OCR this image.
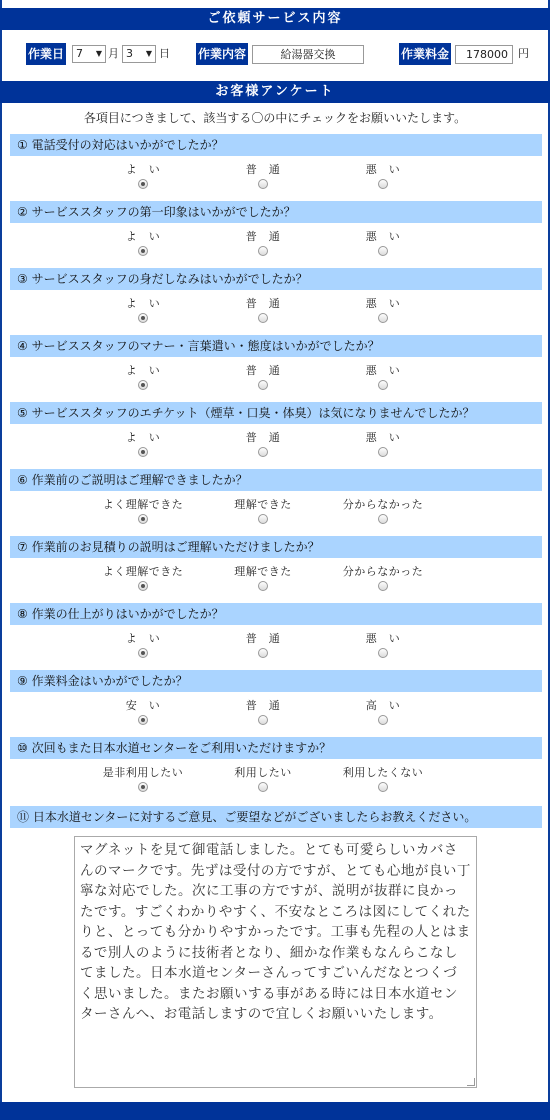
ご依頼サービス内容
作業日	7 ▼ 月 3 ▼ 日 作業内容	給湯器交換	作業料金	178000 円
お客様アンケート
各項目につきまして、該当する〇の中にチェックをお願いいたします。
① 電話受付の対応はいかがでしたか？
よ　い	普　通	悪　い
② サービススタッフの第一印象はいかがでしたか？
よ　い	普　通	悪　い
③ サービススタッフの身だしなみはいかがでしたか？
よ　い	普　通	悪　い
④ サービススタッフのマナー・言葉遣い・態度はいかがでしたか？
よ　い	普　通	悪　い
⑤ サービススタッフのエチケット（煙草・口臭・体臭）は気になりませんでしたか？
よ　い	普　通	悪　い
⑥ 作業前のご説明はご理解できましたか？
よく理解できた	理解できた	分からなかった
⑦ 作業前のお見積りの説明はご理解いただけましたか？
よく理解できた	理解できた	分からなかった
⑧ 作業の仕上がりはいかがでしたか？
よ　い	普　通	悪　い
⑨ 作業料金はいかがでしたか？
安　い	普　通	高　い
⑩ 次回もまた日本水道センターをご利用いただけますか？
是非利用したい	利用したい	利用したくない
⑪ 日本水道センターに対するご意見、ご要望などがございましたらお教えください。
マグネットを見て御電話しました。とても可愛らしいカバさんのマークです。先ずは受付の方ですが、とても心地が良い丁寧な対応でした。次に工事の方ですが、説明が抜群に良かったです。すごくわかりやすく、不安なところは図にしてくれたりと、とっても分かりやすかったです。工事も先程の人とはまるで別人のように技術者となり、細かな作業もなんらこなしてました。日本水道センターさんってすごいんだなとつくづく思いました。またお願いする事がある時には日本水道センターさんへ、お電話しますので宜しくお願いいたします。
